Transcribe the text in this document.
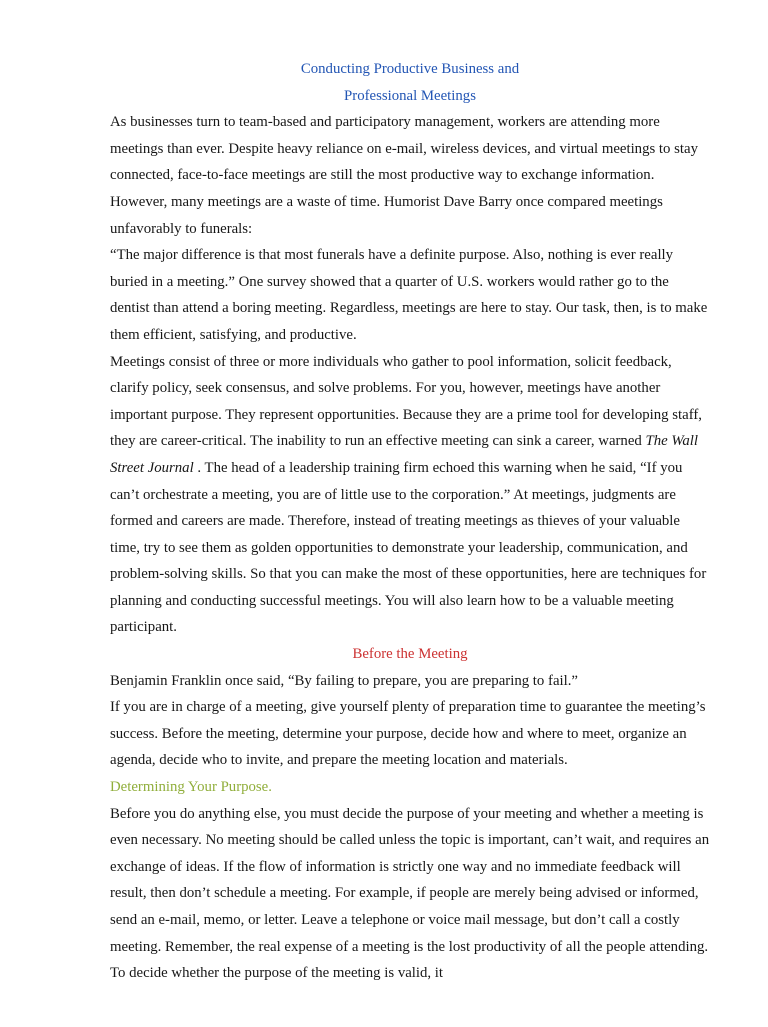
Conducting Productive Business and
Professional Meetings

As businesses turn to team-based and participatory management, workers are attending more meetings than ever. Despite heavy reliance on e-mail, wireless devices, and virtual meetings to stay connected, face-to-face meetings are still the most productive way to exchange information. However, many meetings are a waste of time. Humorist Dave Barry once compared meetings unfavorably to funerals:

“The major difference is that most funerals have a definite purpose. Also, nothing is ever really buried in a meeting.” One survey showed that a quarter of U.S. workers would rather go to the dentist than attend a boring meeting. Regardless, meetings are here to stay. Our task, then, is to make them efficient, satisfying, and productive.

Meetings consist of three or more individuals who gather to pool information, solicit feedback, clarify policy, seek consensus, and solve problems. For you, however, meetings have another important purpose. They represent opportunities. Because they are a prime tool for developing staff, they are career-critical. The inability to run an effective meeting can sink a career, warned The Wall Street Journal . The head of a leadership training firm echoed this warning when he said, “If you can’t orchestrate a meeting, you are of little use to the corporation.” At meetings, judgments are formed and careers are made. Therefore, instead of treating meetings as thieves of your valuable time, try to see them as golden opportunities to demonstrate your leadership, communication, and problem-solving skills. So that you can make the most of these opportunities, here are techniques for planning and conducting successful meetings. You will also learn how to be a valuable meeting participant.

Before the Meeting

Benjamin Franklin once said, “By failing to prepare, you are preparing to fail.”

If you are in charge of a meeting, give yourself plenty of preparation time to guarantee the meeting’s success. Before the meeting, determine your purpose, decide how and where to meet, organize an agenda, decide who to invite, and prepare the meeting location and materials.

Determining Your Purpose.

Before you do anything else, you must decide the purpose of your meeting and whether a meeting is even necessary. No meeting should be called unless the topic is important, can’t wait, and requires an exchange of ideas. If the flow of information is strictly one way and no immediate feedback will result, then don’t schedule a meeting. For example, if people are merely being advised or informed, send an e-mail, memo, or letter. Leave a telephone or voice mail message, but don’t call a costly meeting. Remember, the real expense of a meeting is the lost productivity of all the people attending. To decide whether the purpose of the meeting is valid, it
